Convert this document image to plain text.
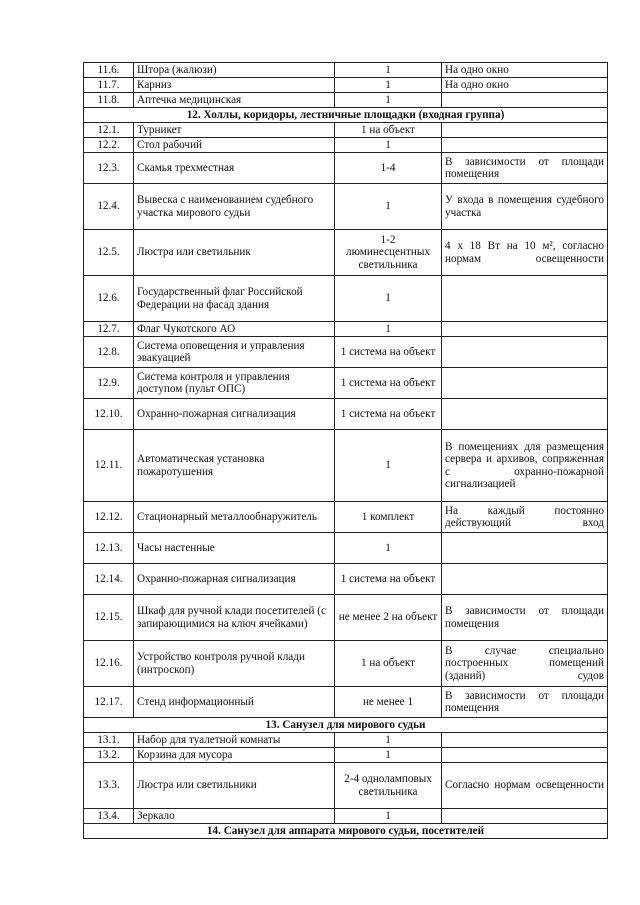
11.6.	Штора (жалюзи)	1	На одно окно
11.7.	Карниз	1	На одно окно
11.8.	Аптечка медицинская	1	
12. Холлы, коридоры, лестничные площадки (входная группа)			
12.1.	Турникет	1 на объект	
12.2.	Стол рабочий	1	
12.3.	Скамья трехместная	1-4	В зависимости от площади помещения
12.4.	Вывеска с наименованием судебного участка мирового судьи	1	У входа в помещения судебного участка
12.5.	Люстра или светильник	1-2 люминесцентных светильника	4 x 18 Вт на 10 м², согласно нормам освещенности
12.6.	Государственный флаг Российской Федерации на фасад здания	1	
12.7.	Флаг Чукотского АО	1	
12.8.	Система оповещения и управления эвакуацией	1 система на объект	
12.9.	Система контроля и управления доступом (пульт ОПС)	1 система на объект	
12.10.	Охранно-пожарная сигнализация	1 система на объект	
12.11.	Автоматическая установка пожаротушения	1	В помещениях для размещения сервера и архивов, сопряженная с охранно-пожарной сигнализацией
12.12.	Стационарный металлообнаружитель	1 комплект	На каждый постоянно действующий вход
12.13.	Часы настенные	1	
12.14.	Охранно-пожарная сигнализация	1 система на объект	
12.15.	Шкаф для ручной клади посетителей (с запирающимися на ключ ячейками)	не менее 2 на объект	В зависимости от площади помещения
12.16.	Устройство контроля ручной клади (интроскоп)	1 на объект	В случае специально построенных помещений (зданий) судов
12.17.	Стенд информационный	не менее 1	В зависимости от площади помещения
13. Санузел для мирового судьи			
13.1.	Набор для туалетной комнаты	1	
13.2.	Корзина для мусора	1	
13.3.	Люстра или светильники	2-4 однолампoвых светильника	Согласно нормам освещенности
13.4.	Зеркало	1	
14. Санузел для аппарата мирового судьи, посетителей			
